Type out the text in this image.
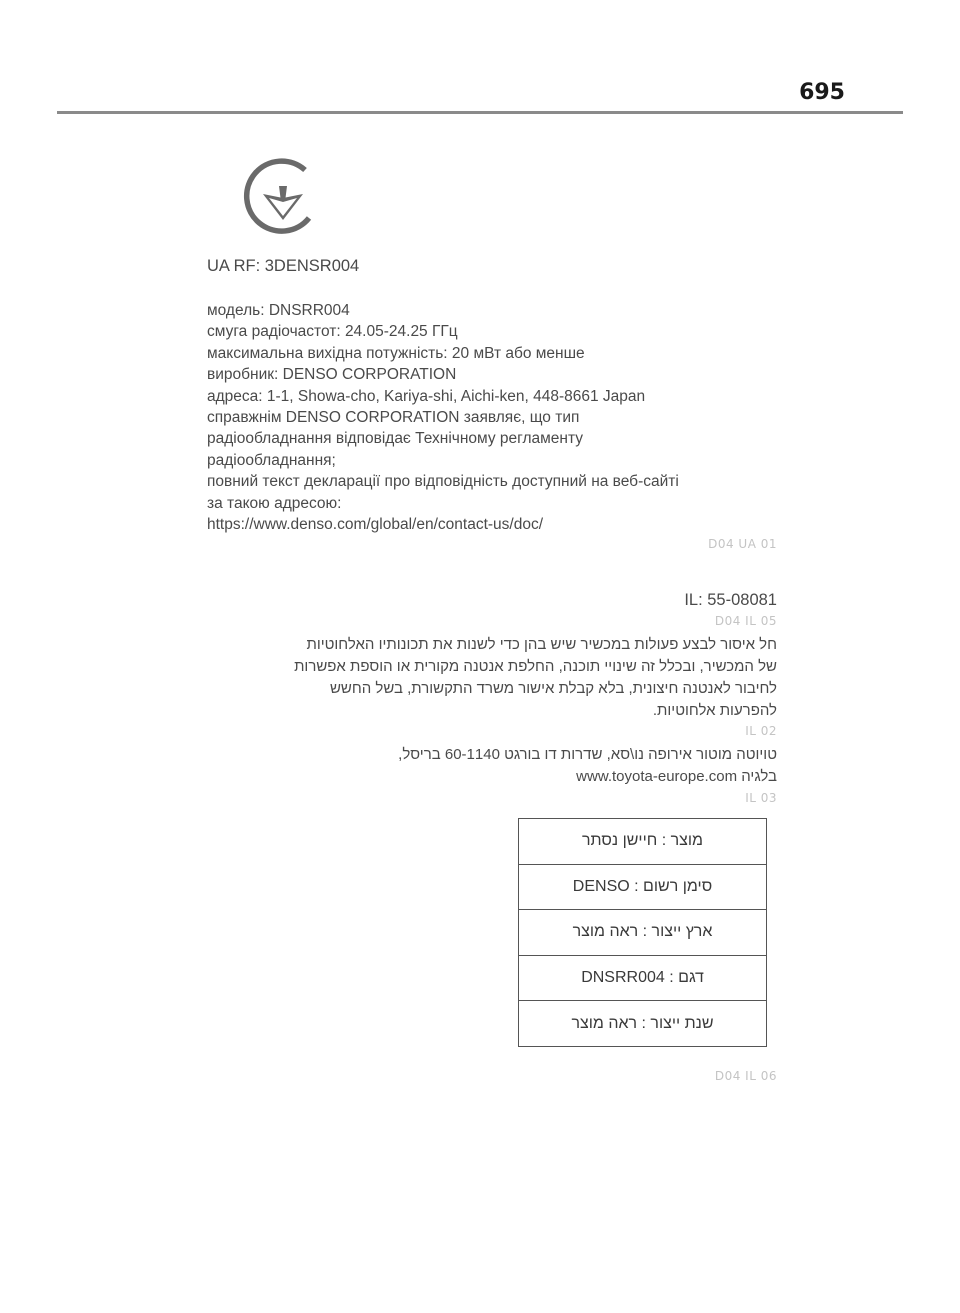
695
UA RF: 3DENSR004
модель: DNSRR004
смуга радіочастот: 24.05-24.25 ГГц
максимальна вихідна потужність: 20 мВт або менше
виробник: DENSO CORPORATION
адреса: 1-1, Showa-cho, Kariya-shi, Aichi-ken, 448-8661 Japan
справжнім DENSO CORPORATION заявляє, що тип
радіообладнання відповідає Технічному регламенту
радіообладнання;
повний текст декларації про відповідність доступний на веб-сайті
за такою адресою:
https://www.denso.com/global/en/contact-us/doc/
D04 UA 01
IL: 55-08081
D04 IL 05
חל איסור לבצע פעולות במכשיר שיש בהן כדי לשנות את תכונותיו האלחוטיות
של המכשיר, ובכלל זה שינויי תוכנה, החלפת אנטנה מקורית או הוספת אפשרות
לחיבור לאנטנה חיצונית, בלא קבלת אישור משרד התקשורת, בשל החשש
להפרעות אלחוטיות.
IL 02
טויוטה מוטור אירופה נו\סא, שדרות דו בורגט 60-1140 בריסל,
בלגיה www.toyota-europe.com
IL 03
מוצר : חיישן נסתר
סימן רשום : DENSO
ארץ ייצור : ראה מוצר
דגם : DNSRR004
שנת ייצור : ראה מוצר
D04 IL 06
